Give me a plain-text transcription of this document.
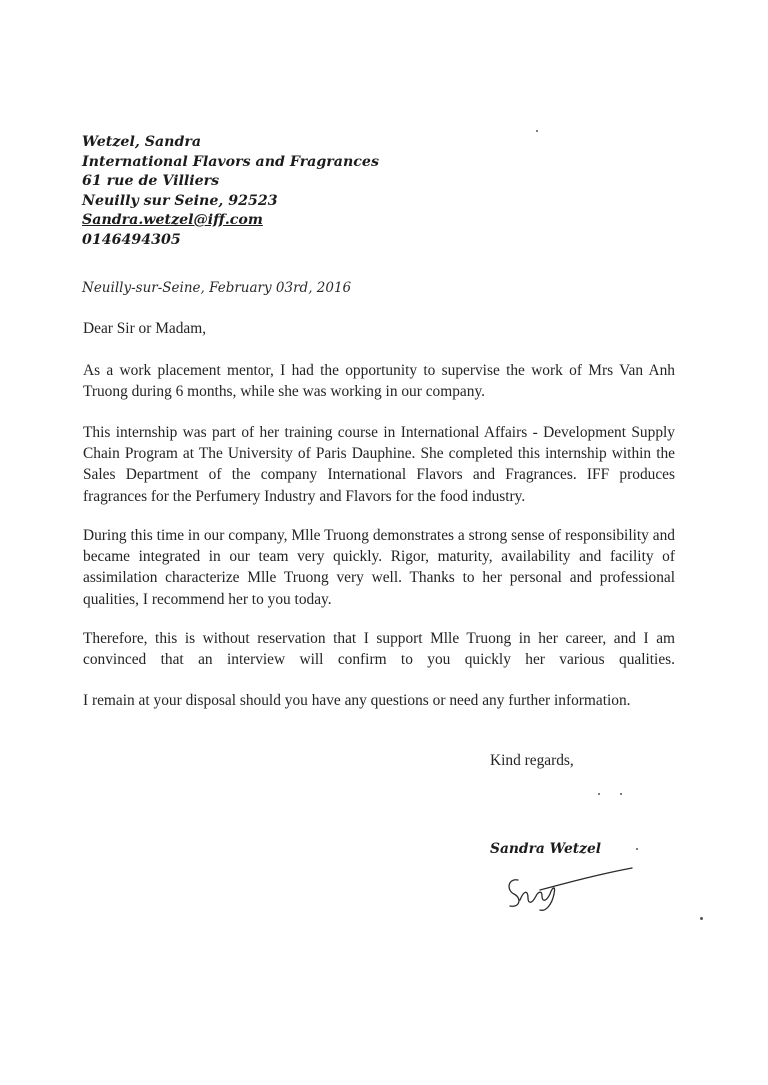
Wetzel, Sandra
International Flavors and Fragrances
61 rue de Villiers
Neuilly sur Seine, 92523
Sandra.wetzel@iff.com
0146494305
Neuilly-sur-Seine, February 03rd, 2016

Dear Sir or Madam,

As a work placement mentor, I had the opportunity to supervise the work of Mrs Van Anh Truong during 6 months, while she was working in our company.

This internship was part of her training course in International Affairs - Development Supply Chain Program at The University of Paris Dauphine. She completed this internship within the Sales Department of the company International Flavors and Fragrances. IFF produces fragrances for the Perfumery Industry and Flavors for the food industry.

During this time in our company, Mlle Truong demonstrates a strong sense of responsibility and became integrated in our team very quickly. Rigor, maturity, availability and facility of assimilation characterize Mlle Truong very well. Thanks to her personal and professional qualities, I recommend her to you today.

Therefore, this is without reservation that I support Mlle Truong in her career, and I am convinced that an interview will confirm to you quickly her various qualities.

I remain at your disposal should you have any questions or need any further information.

Kind regards,
Sandra Wetzel
